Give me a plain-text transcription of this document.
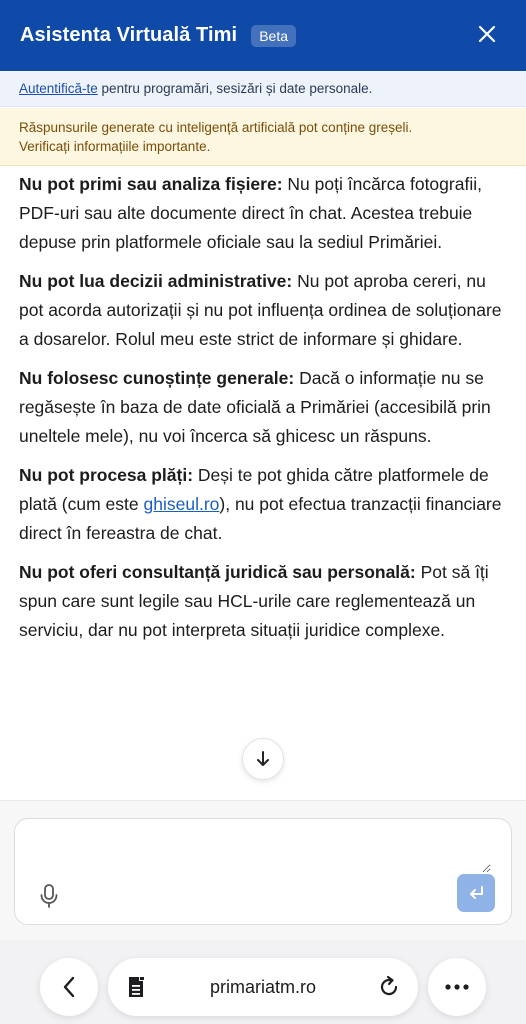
Asistenta Virtuală Timi	Beta
Autentifică-te pentru programări, sesizări și date personale.
Răspunsurile generate cu inteligență artificială pot conține greșeli.
Verificați informațiile importante.

Nu pot primi sau analiza fișiere: Nu poți încărca fotografii, PDF-uri sau alte documente direct în chat. Acestea trebuie depuse prin platformele oficiale sau la sediul Primăriei.

Nu pot lua decizii administrative: Nu pot aproba cereri, nu pot acorda autorizații și nu pot influența ordinea de soluționare a dosarelor. Rolul meu este strict de informare și ghidare.

Nu folosesc cunoștințe generale: Dacă o informație nu se regăsește în baza de date oficială a Primăriei (accesibilă prin uneltele mele), nu voi încerca să ghicesc un răspuns.

Nu pot procesa plăți: Deși te pot ghida către platformele de plată (cum este ghiseul.ro), nu pot efectua tranzacții financiare direct în fereastra de chat.

Nu pot oferi consultanță juridică sau personală: Pot să îți spun care sunt legile sau HCL-urile care reglementează un serviciu, dar nu pot interpreta situații juridice complexe.

primariatm.ro
